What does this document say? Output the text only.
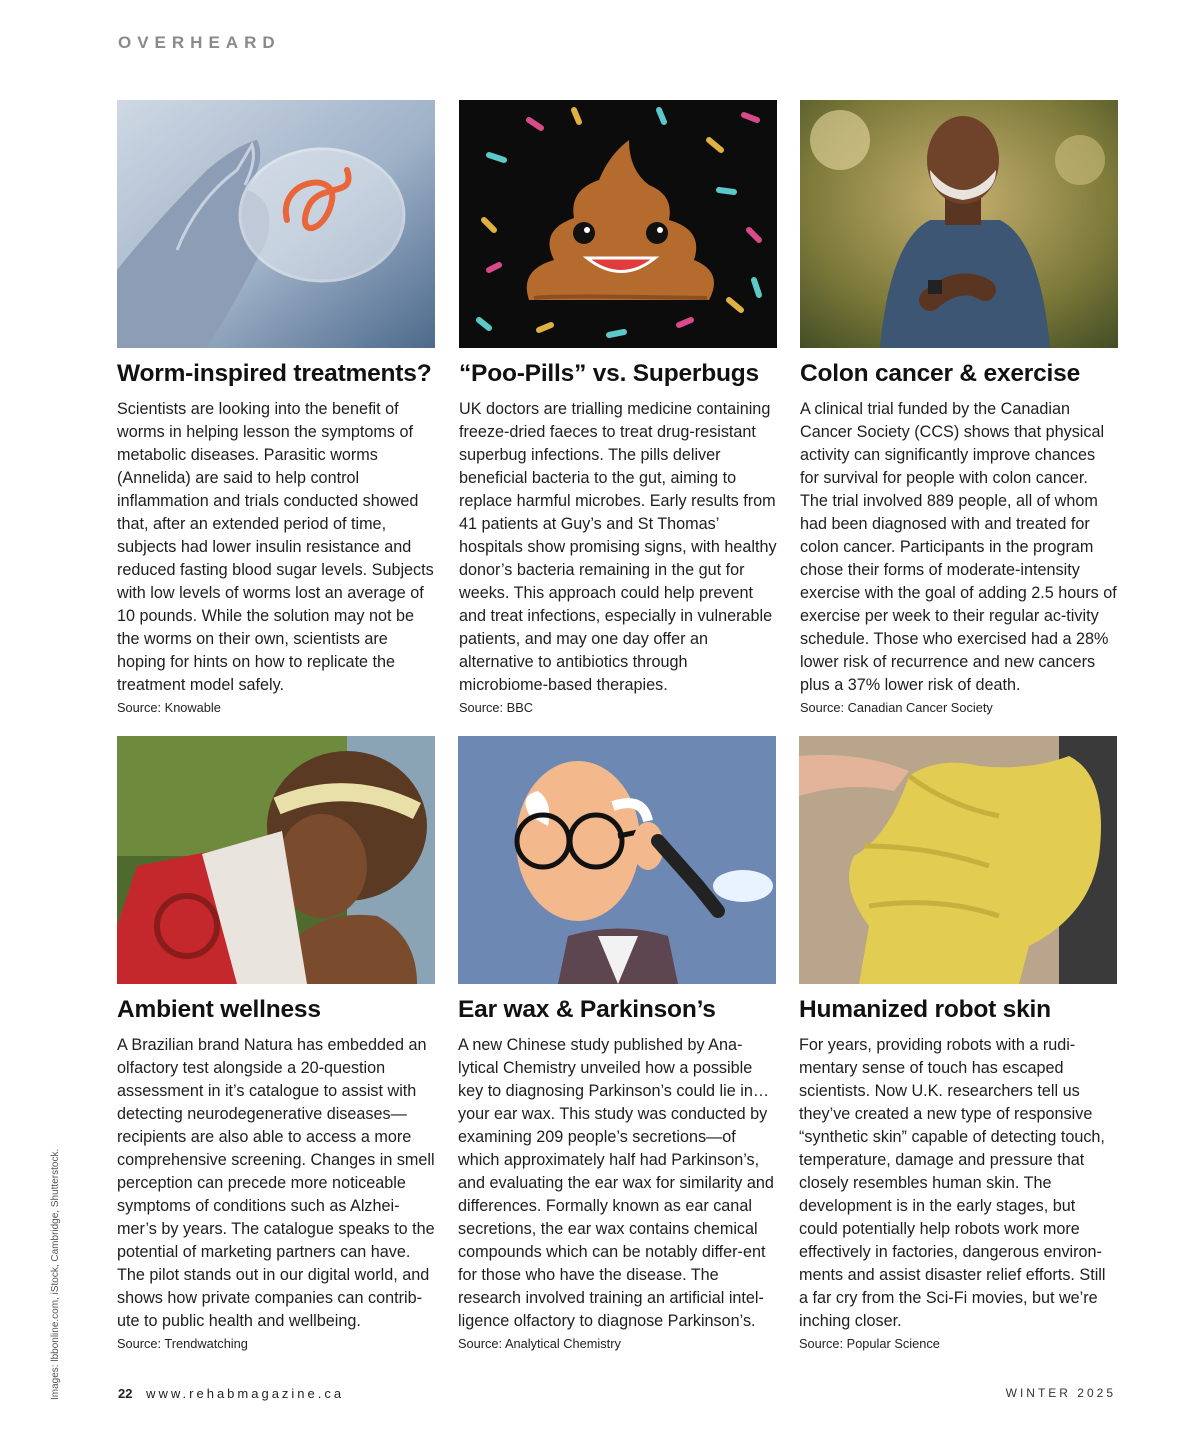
OVERHEARD
Worm-inspired treatments?

Scientists are looking into the benefit of worms in helping lesson the symptoms of metabolic diseases. Parasitic worms (Annelida) are said to help control inflammation and trials conducted showed that, after an extended period of time, subjects had lower insulin resistance and reduced fasting blood sugar levels. Subjects with low levels of worms lost an average of 10 pounds. While the solution may not be the worms on their own, scientists are hoping for hints on how to replicate the treatment model safely.

Source: Knowable
“Poo-Pills” vs. Superbugs

UK doctors are trialling medicine containing freeze-dried faeces to treat drug-resistant superbug infections. The pills deliver beneficial bacteria to the gut, aiming to replace harmful microbes. Early results from 41 patients at Guy’s and St Thomas’ hospitals show promising signs, with healthy donor’s bacteria remaining in the gut for weeks. This approach could help prevent and treat infections, especially in vulnerable patients, and may one day offer an alternative to antibiotics through microbiome-based therapies.

Source: BBC
Colon cancer & exercise

A clinical trial funded by the Canadian Cancer Society (CCS) shows that physical activity can significantly improve chances for survival for people with colon cancer. The trial involved 889 people, all of whom had been diagnosed with and treated for colon cancer. Participants in the program chose their forms of moderate-intensity exercise with the goal of adding 2.5 hours of exercise per week to their regular ac-tivity schedule. Those who exercised had a 28% lower risk of recurrence and new cancers plus a 37% lower risk of death.

Source: Canadian Cancer Society
Ambient wellness

A Brazilian brand Natura has embedded an olfactory test alongside a 20-question assessment in it’s catalogue to assist with detecting neurodegenerative diseases—recipients are also able to access a more comprehensive screening. Changes in smell perception can precede more noticeable symptoms of conditions such as Alzhei-mer’s by years. The catalogue speaks to the potential of marketing partners can have. The pilot stands out in our digital world, and shows how private companies can contrib-ute to public health and wellbeing.

Source: Trendwatching
Ear wax & Parkinson’s

A new Chinese study published by Ana-lytical Chemistry unveiled how a possible key to diagnosing Parkinson’s could lie in… your ear wax. This study was conducted by examining 209 people’s secretions—of which approximately half had Parkinson’s, and evaluating the ear wax for similarity and differences. Formally known as ear canal secretions, the ear wax contains chemical compounds which can be notably differ-ent for those who have the disease. The research involved training an artificial intel-ligence olfactory to diagnose Parkinson’s.

Source: Analytical Chemistry
Humanized robot skin

For years, providing robots with a rudi-mentary sense of touch has escaped scientists. Now U.K. researchers tell us they’ve created a new type of responsive “synthetic skin” capable of detecting touch, temperature, damage and pressure that closely resembles human skin. The development is in the early stages, but could potentially help robots work more effectively in factories, dangerous environ-ments and assist disaster relief efforts. Still a far cry from the Sci-Fi movies, but we’re inching closer.

Source: Popular Science
Images: lbbonline.com, iStock, Cambridge, Shutterstock.	22 www.rehabmagazine.ca	WINTER 2025
